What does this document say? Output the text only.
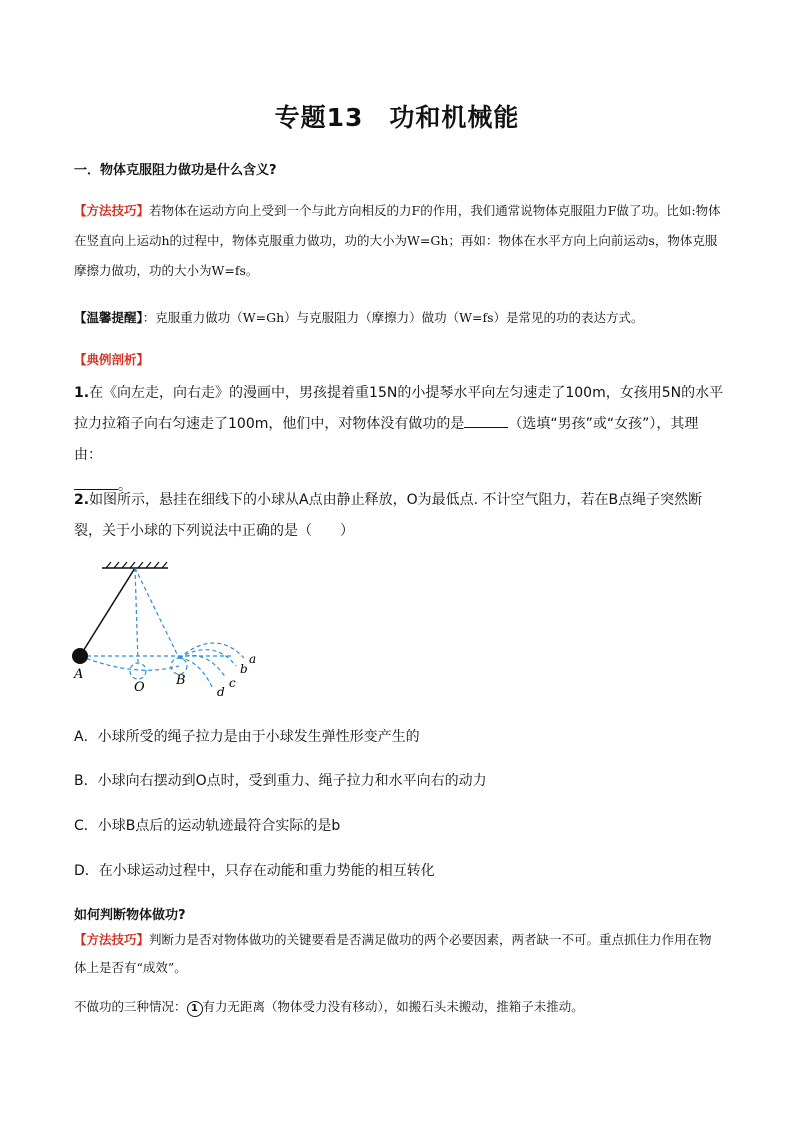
专题13　功和机械能
一．物体克服阻力做功是什么含义?
【方法技巧】若物体在运动方向上受到一个与此方向相反的力F的作用，我们通常说物体克服阻力F做了功。比如:物体在竖直向上运动h的过程中，物体克服重力做功，功的大小为W=Gh；再如：物体在水平方向上向前运动s，物体克服摩擦力做功，功的大小为W=fs。
【温馨提醒】：克服重力做功（W=Gh）与克服阻力（摩擦力）做功（W=fs）是常见的功的表达方式。
【典例剖析】
1.在《向左走，向右走》的漫画中，男孩提着重15N的小提琴水平向左匀速走了100m，女孩用5N的水平拉力拉箱子向右匀速走了100m，他们中，对物体没有做功的是	（选填“男孩”或“女孩”），其理由：
。
2.如图所示，悬挂在细线下的小球从A点由静止释放，O为最低点. 不计空气阻力，若在B点绳子突然断裂，关于小球的下列说法中正确的是（　　）
A
O B
a
b
c
d
A．小球所受的绳子拉力是由于小球发生弹性形变产生的
B．小球向右摆动到O点时，受到重力、绳子拉力和水平向右的动力
C．小球B点后的运动轨迹最符合实际的是b
D．在小球运动过程中，只存在动能和重力势能的相互转化
如何判断物体做功?
【方法技巧】判断力是否对物体做功的关键要看是否满足做功的两个必要因素，两者缺一不可。重点抓住力作用在物体上是否有“成效”。
不做功的三种情况： 1 有力无距离（物体受力没有移动），如搬石头未搬动，推箱子未推动。
